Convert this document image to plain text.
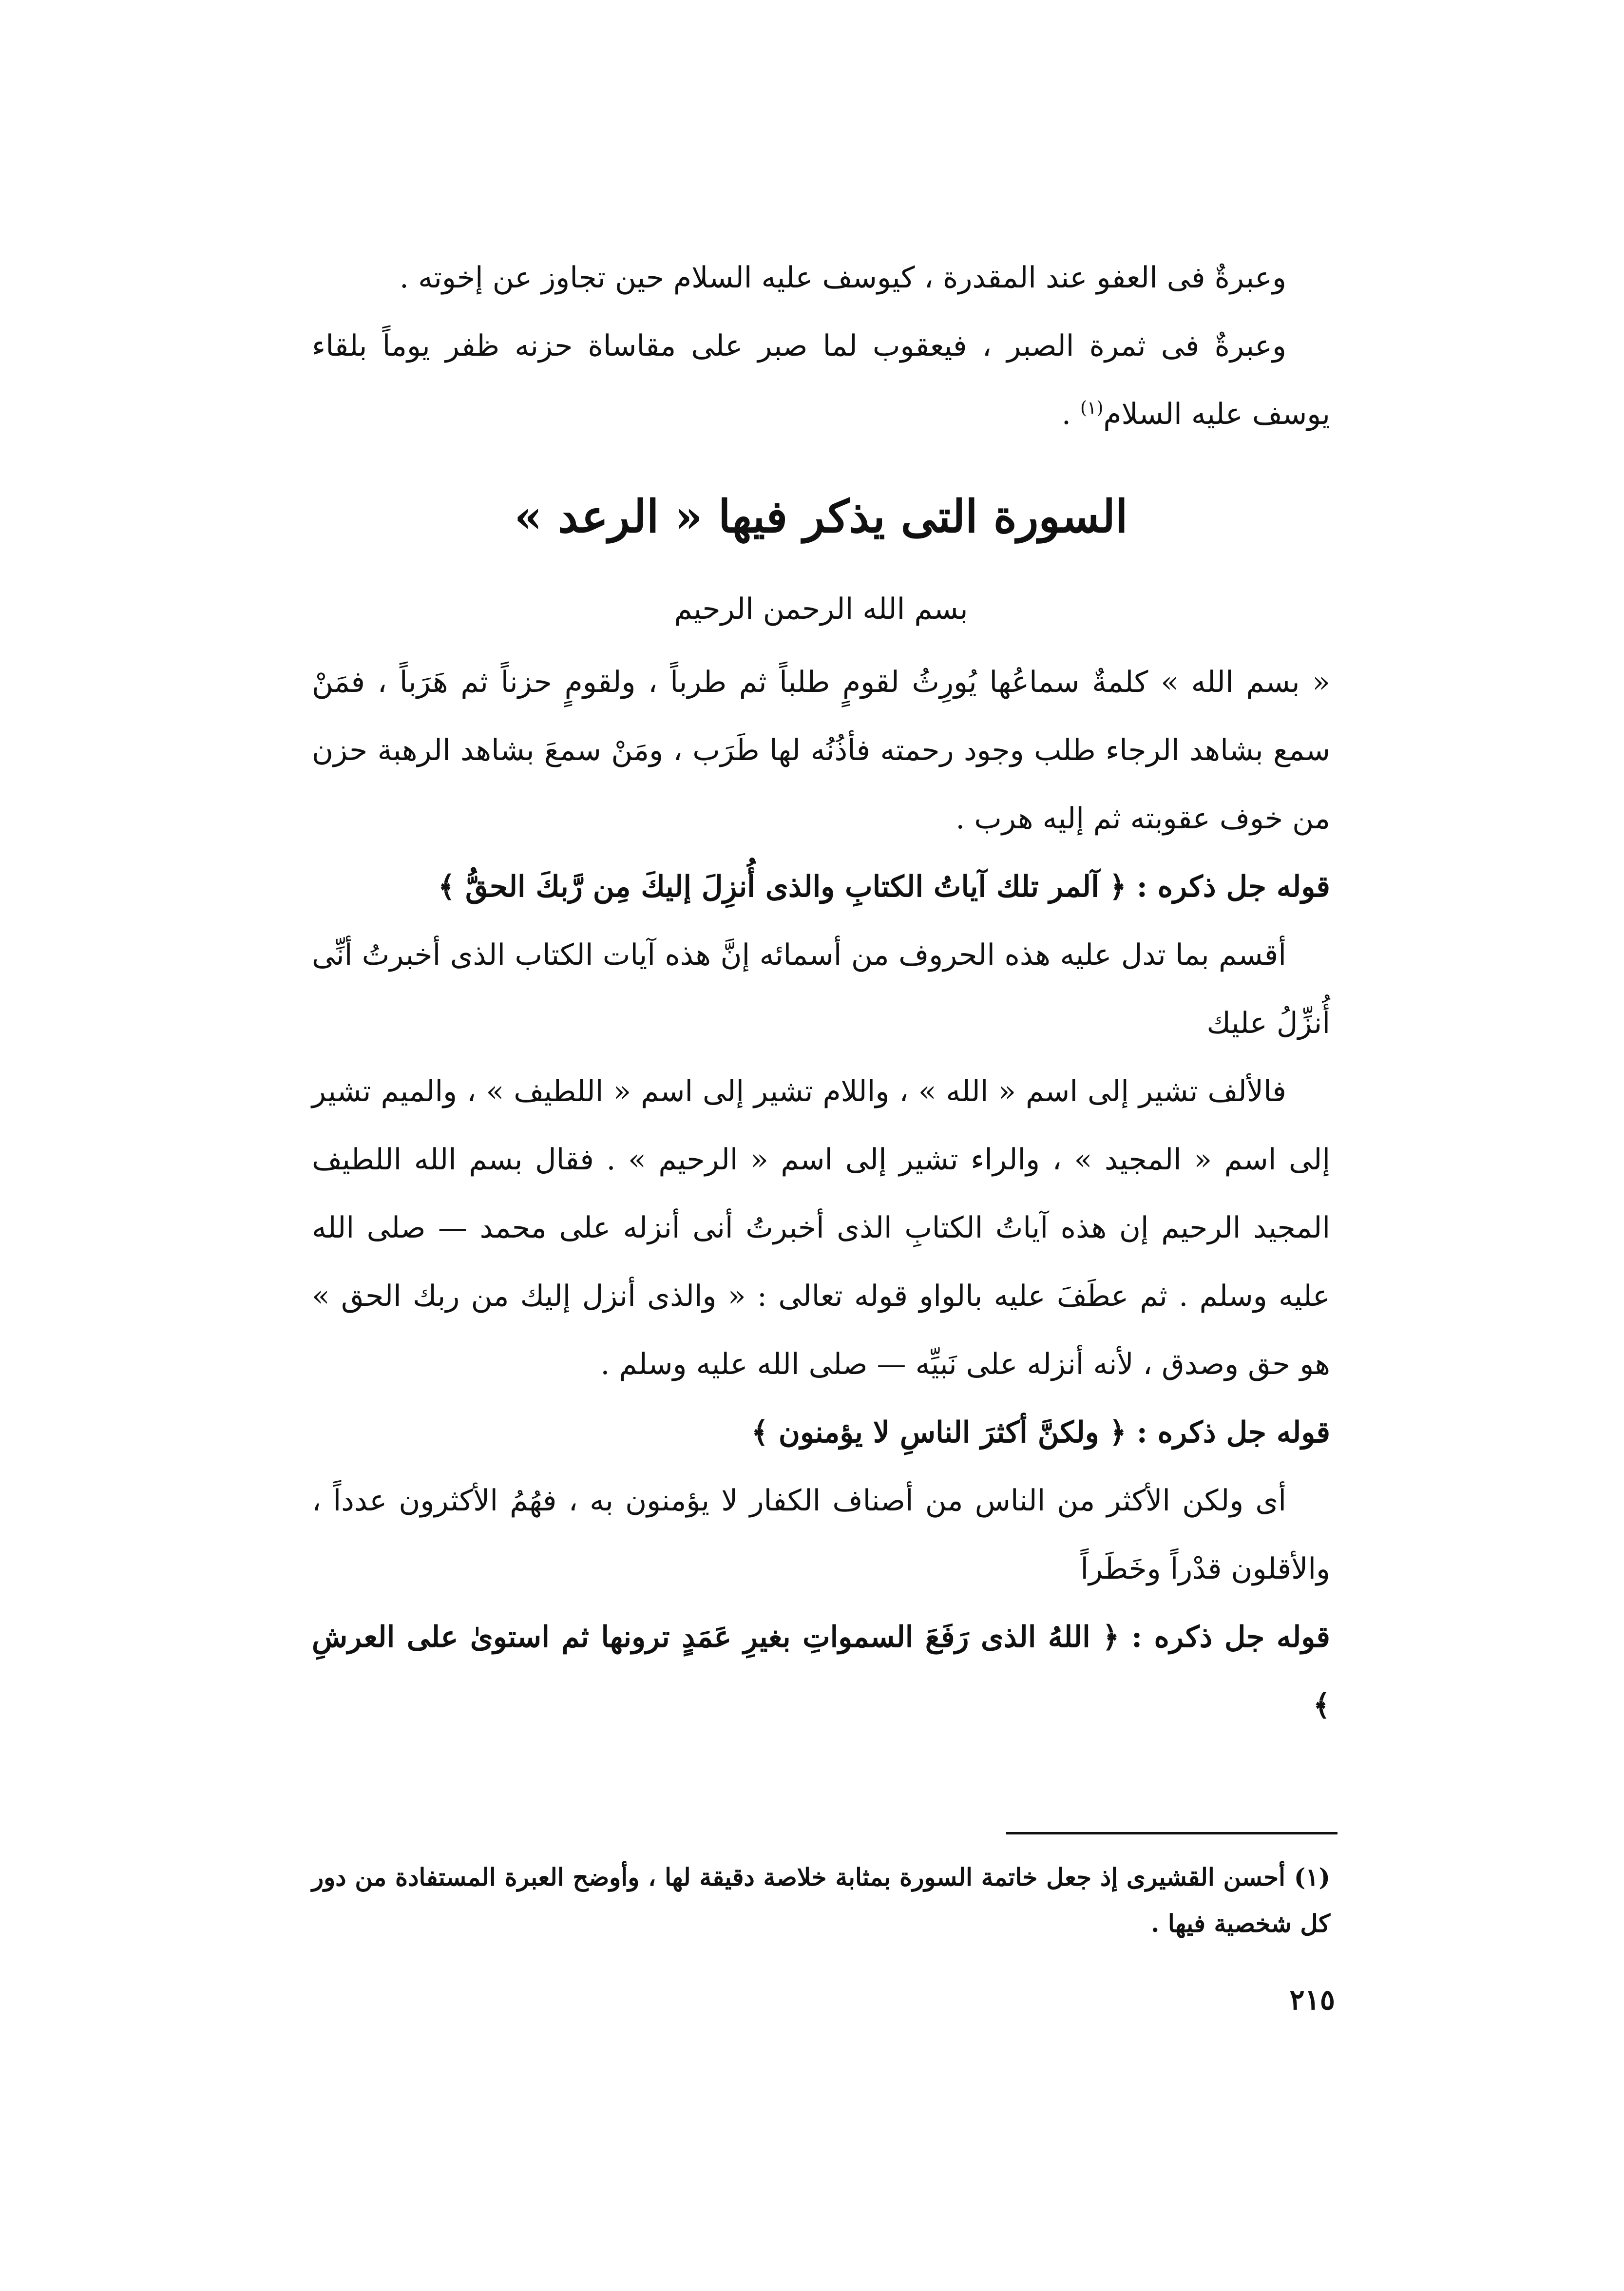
وعبرةٌ فى العفو عند المقدرة ، كيوسف عليه السلام حين تجاوز عن إخوته .

وعبرةٌ فى ثمرة الصبر ، فيعقوب لما صبر على مقاساة حزنه ظفر يوماً بلقاء يوسف عليه السلام$^{(١)}$ .

السورة التى يذكر فيها « الرعد »

بسم الله الرحمن الرحيم

« بسم الله » كلمةٌ سماعُها يُورِثُ لقومٍ طلباً ثم طرباً ، ولقومٍ حزناً ثم هَرَباً ، فمَنْ سمع بشاهد الرجاء طلب وجود رحمته فأذُنُه لها طَرَب ، ومَنْ سمعَ بشاهد الرهبة حزن من خوف عقوبته ثم إليه هرب .

قوله جل ذكره : ﴿ آلمر تلك آياتُ الكتابِ والذى أُنزِلَ إليكَ مِن رَّبكَ الحقُّ ﴾

أقسم بما تدل عليه هذه الحروف من أسمائه إنَّ هذه آيات الكتاب الذى أخبرتُ أنِّى أُنزِّلُ عليك

فالألف تشير إلى اسم « الله » ، واللام تشير إلى اسم « اللطيف » ، والميم تشير إلى اسم « المجيد » ، والراء تشير إلى اسم « الرحيم » . فقال بسم الله اللطيف المجيد الرحيم إن هذه آياتُ الكتابِ الذى أخبرتُ أنى أنزله على محمد — صلى الله عليه وسلم . ثم عطَفَ عليه بالواو قوله تعالى : « والذى أنزل إليك من ربك الحق » هو حق وصدق ، لأنه أنزله على نَبيِّه — صلى الله عليه وسلم .

قوله جل ذكره : ﴿ ولكنَّ أكثرَ الناسِ لا يؤمنون ﴾

أى ولكن الأكثر من الناس من أصناف الكفار لا يؤمنون به ، فهُمُ الأكثرون عدداً ، والأقلون قدْراً وخَطَراً

قوله جل ذكره : ﴿ اللهُ الذى رَفَعَ السمواتِ بغيرِ عَمَدٍ ترونها ثم استوىٰ على العرشِ ﴾

(١) أحسن القشيرى إذ جعل خاتمة السورة بمثابة خلاصة دقيقة لها ، وأوضح العبرة المستفادة من دور كل شخصية فيها .

٢١٥
